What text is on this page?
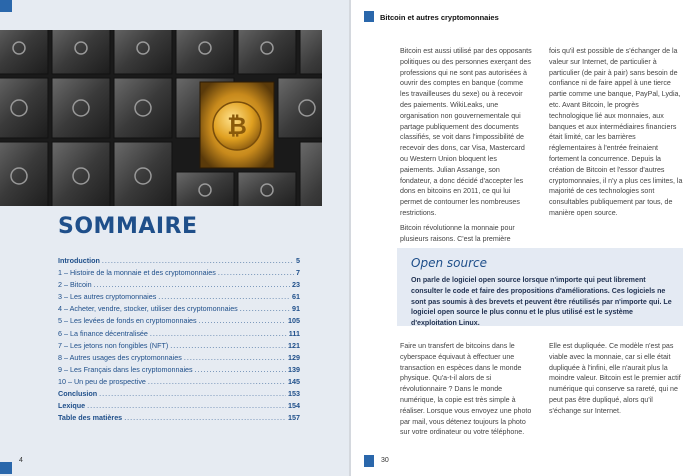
₿
SOMMAIRE
Introduction .....	5
1 – Histoire de la monnaie et des cryptomonnaies .....	7
2 – Bitcoin .....	23
3 – Les autres cryptomonnaies .....	61
4 – Acheter, vendre, stocker, utiliser des cryptomonnaies .....	91
5 – Les levées de fonds en cryptomonnaies .....	105
6 – La finance décentralisée .....	111
7 – Les jetons non fongibles (NFT) .....	121
8 – Autres usages des cryptomonnaies .....	129
9 – Les Français dans les cryptomonnaies .....	139
10 – Un peu de prospective .....	145
Conclusion .....	153
Lexique .....	154
Table des matières .....	157
4
Bitcoin et autres cryptomonnaies

Bitcoin est aussi utilisé par des opposants politiques ou des personnes exerçant des professions qui ne sont pas autorisées à ouvrir des comptes en banque (comme les travailleuses du sexe) ou à recevoir des paiements. WikiLeaks, une organisation non gouvernementale qui partage publiquement des documents classifiés, se voit dans l'impossibilité de recevoir des dons, car Visa, Mastercard ou Western Union bloquent les paiements. Julian Assange, son fondateur, a donc décidé d'accepter les dons en bitcoins en 2011, ce qui lui permet de contourner les nombreuses restrictions.

Bitcoin révolutionne la monnaie pour plusieurs raisons. C'est la première

fois qu'il est possible de s'échanger de la valeur sur Internet, de particulier à particulier (de pair à pair) sans besoin de confiance ni de faire appel à une tierce partie comme une banque, PayPal, Lydia, etc. Avant Bitcoin, le progrès technologique lié aux monnaies, aux banques et aux intermédiaires financiers était limité, car les barrières réglementaires à l'entrée freinaient fortement la concurrence. Depuis la création de Bitcoin et l'essor d'autres cryptomonnaies, il n'y a plus ces limites, la majorité de ces technologies sont consultables publiquement par tous, de manière open source.

Open source
On parle de logiciel open source lorsque n'importe qui peut librement consulter le code et faire des propositions d'améliorations. Ces logiciels ne sont pas soumis à des brevets et peuvent être réutilisés par n'importe qui. Le logiciel open source le plus connu et le plus utilisé est le système d'exploitation Linux.

Faire un transfert de bitcoins dans le cyberspace équivaut à effectuer une transaction en espèces dans le monde physique. Qu'a-t-il alors de si révolutionnaire ? Dans le monde numérique, la copie est très simple à réaliser. Lorsque vous envoyez une photo par mail, vous détenez toujours la photo sur votre ordinateur ou votre téléphone.

Elle est dupliquée. Ce modèle n'est pas viable avec la monnaie, car si elle était dupliquée à l'infini, elle n'aurait plus la moindre valeur. Bitcoin est le premier actif numérique qui conserve sa rareté, qui ne peut pas être dupliqué, alors qu'il s'échange sur Internet.

30
